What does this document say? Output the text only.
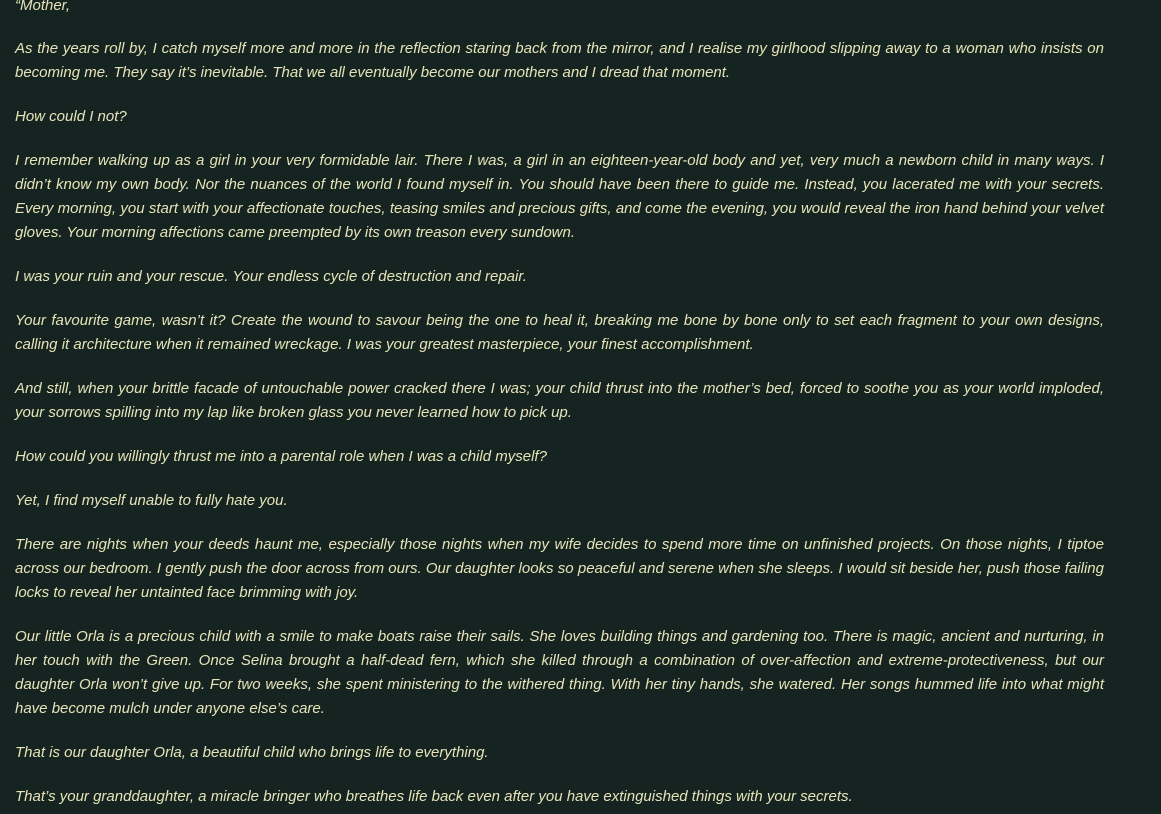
“Mother,

As the years roll by, I catch myself more and more in the reflection staring back from the mirror, and I realise my girlhood slipping away to a woman who insists on becoming me. They say it’s inevitable. That we all eventually become our mothers and I dread that moment.

How could I not?

I remember walking up as a girl in your very formidable lair. There I was, a girl in an eighteen-year-old body and yet, very much a newborn child in many ways. I didn’t know my own body. Nor the nuances of the world I found myself in. You should have been there to guide me. Instead, you lacerated me with your secrets. Every morning, you start with your affectionate touches, teasing smiles and precious gifts, and come the evening, you would reveal the iron hand behind your velvet gloves. Your morning affections came preempted by its own treason every sundown.

I was your ruin and your rescue. Your endless cycle of destruction and repair.

Your favourite game, wasn’t it? Create the wound to savour being the one to heal it, breaking me bone by bone only to set each fragment to your own designs, calling it architecture when it remained wreckage. I was your greatest masterpiece, your finest accomplishment.

And still, when your brittle facade of untouchable power cracked there I was; your child thrust into the mother’s bed, forced to soothe you as your world imploded, your sorrows spilling into my lap like broken glass you never learned how to pick up.

How could you willingly thrust me into a parental role when I was a child myself?

Yet, I find myself unable to fully hate you.

There are nights when your deeds haunt me, especially those nights when my wife decides to spend more time on unfinished projects. On those nights, I tiptoe across our bedroom. I gently push the door across from ours. Our daughter looks so peaceful and serene when she sleeps. I would sit beside her, push those failing locks to reveal her untainted face brimming with joy.

Our little Orla is a precious child with a smile to make boats raise their sails. She loves building things and gardening too. There is magic, ancient and nurturing, in her touch with the Green. Once Selina brought a half-dead fern, which she killed through a combination of over-affection and extreme-protectiveness, but our daughter Orla won’t give up. For two weeks, she spent ministering to the withered thing. With her tiny hands, she watered. Her songs hummed life into what might have become mulch under anyone else’s care.

That is our daughter Orla, a beautiful child who brings life to everything.

That’s your granddaughter, a miracle bringer who breathes life back even after you have extinguished things with your secrets.
